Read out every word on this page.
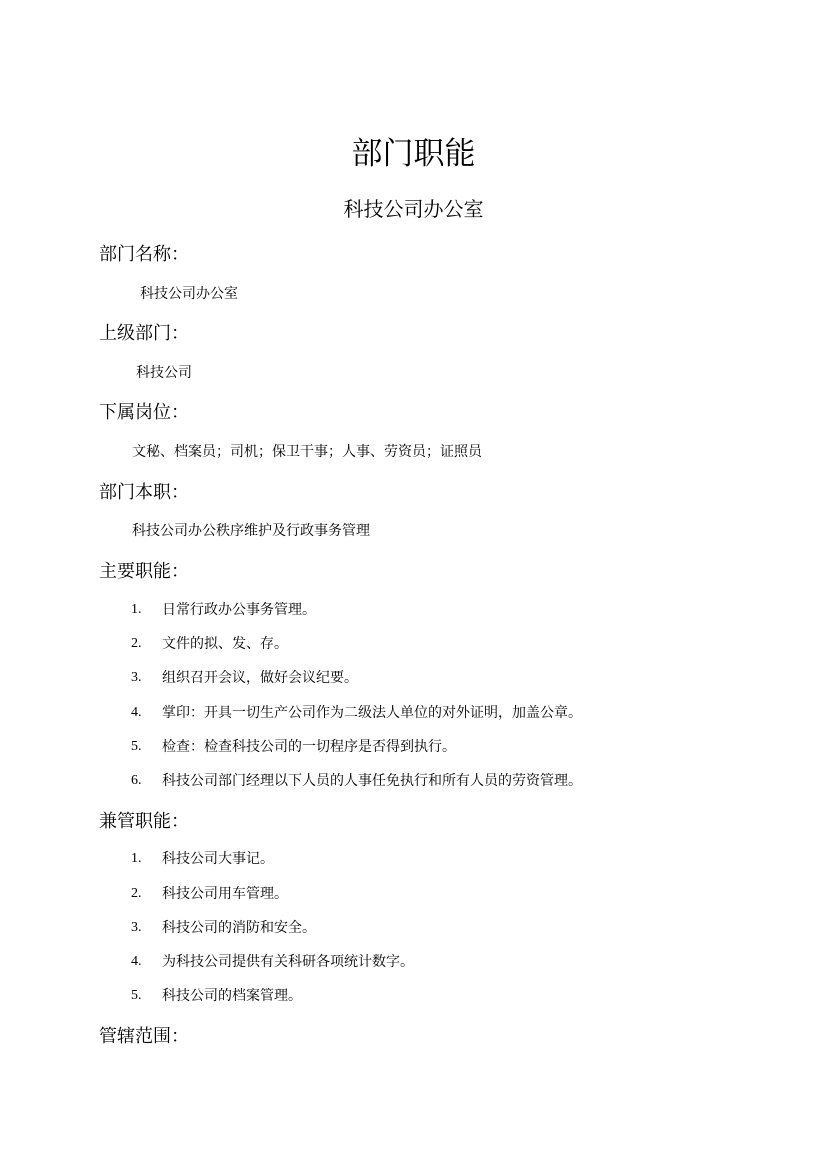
部门职能
科技公司办公室
部门名称：
科技公司办公室
上级部门：
科技公司
下属岗位：
文秘、档案员；司机；保卫干事；人事、劳资员；证照员
部门本职：
科技公司办公秩序维护及行政事务管理
主要职能：
1.	日常行政办公事务管理。
2.	文件的拟、发、存。
3.	组织召开会议，做好会议纪要。
4.	掌印：开具一切生产公司作为二级法人单位的对外证明，加盖公章。
5.	检查：检查科技公司的一切程序是否得到执行。
6.	科技公司部门经理以下人员的人事任免执行和所有人员的劳资管理。
兼管职能：
1.	科技公司大事记。
2.	科技公司用车管理。
3.	科技公司的消防和安全。
4.	为科技公司提供有关科研各项统计数字。
5.	科技公司的档案管理。
管辖范围：
